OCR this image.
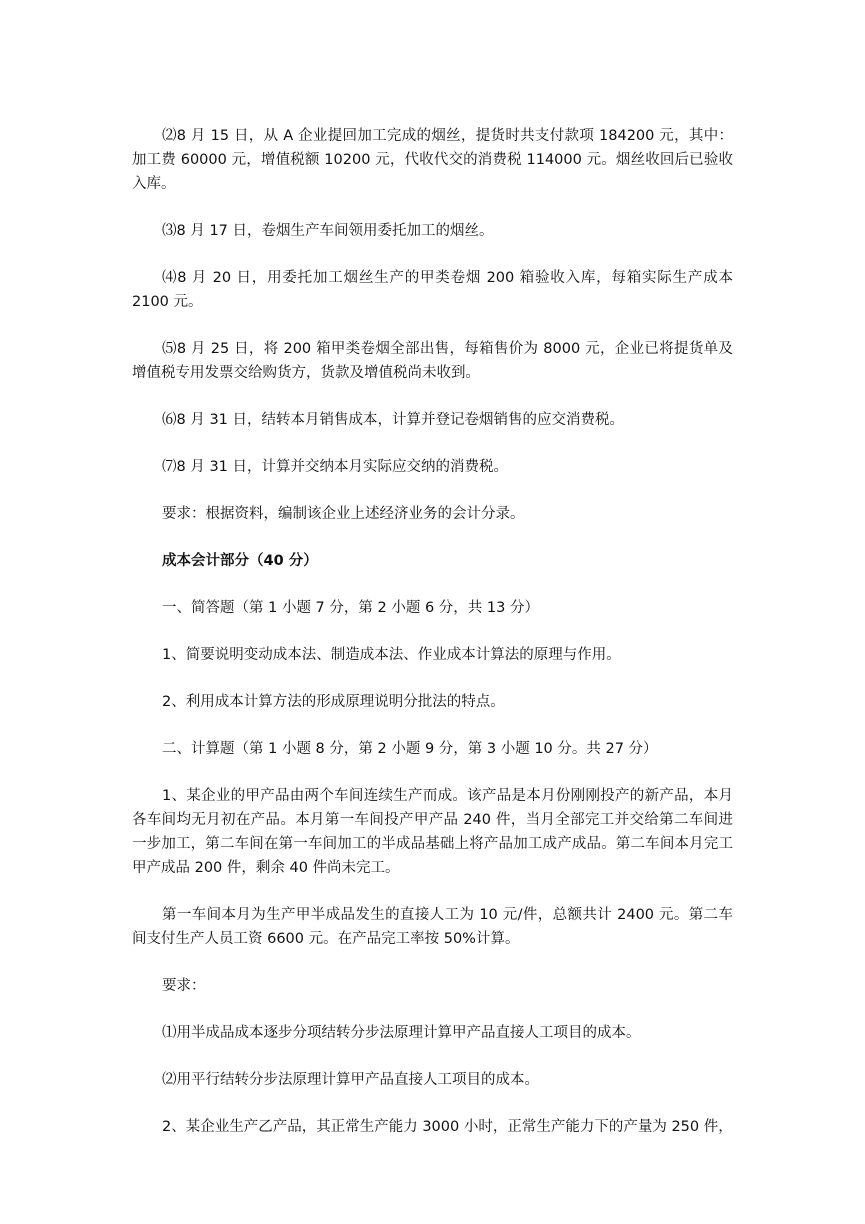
⑵8 月 15 日，从 A 企业提回加工完成的烟丝，提货时共支付款项 184200 元，其中：加工费 60000 元，增值税额 10200 元，代收代交的消费税 114000 元。烟丝收回后已验收入库。

⑶8 月 17 日，卷烟生产车间领用委托加工的烟丝。

⑷8 月 20 日，用委托加工烟丝生产的甲类卷烟 200 箱验收入库，每箱实际生产成本 2100 元。

⑸8 月 25 日，将 200 箱甲类卷烟全部出售，每箱售价为 8000 元，企业已将提货单及增值税专用发票交给购货方，货款及增值税尚未收到。

⑹8 月 31 日，结转本月销售成本，计算并登记卷烟销售的应交消费税。

⑺8 月 31 日，计算并交纳本月实际应交纳的消费税。

要求：根据资料，编制该企业上述经济业务的会计分录。

成本会计部分（40 分）

一、简答题（第 1 小题 7 分，第 2 小题 6 分，共 13 分）

1、简要说明变动成本法、制造成本法、作业成本计算法的原理与作用。

2、利用成本计算方法的形成原理说明分批法的特点。

二、计算题（第 1 小题 8 分，第 2 小题 9 分，第 3 小题 10 分。共 27 分）

1、某企业的甲产品由两个车间连续生产而成。该产品是本月份刚刚投产的新产品，本月各车间均无月初在产品。本月第一车间投产甲产品 240 件，当月全部完工并交给第二车间进一步加工，第二车间在第一车间加工的半成品基础上将产品加工成产成品。第二车间本月完工甲产成品 200 件，剩余 40 件尚未完工。

第一车间本月为生产甲半成品发生的直接人工为 10 元/件，总额共计 2400 元。第二车间支付生产人员工资 6600 元。在产品完工率按 50%计算。

要求：

⑴用半成品成本逐步分项结转分步法原理计算甲产品直接人工项目的成本。

⑵用平行结转分步法原理计算甲产品直接人工项目的成本。

2、某企业生产乙产品，其正常生产能力 3000 小时，正常生产能力下的产量为 250 件，
